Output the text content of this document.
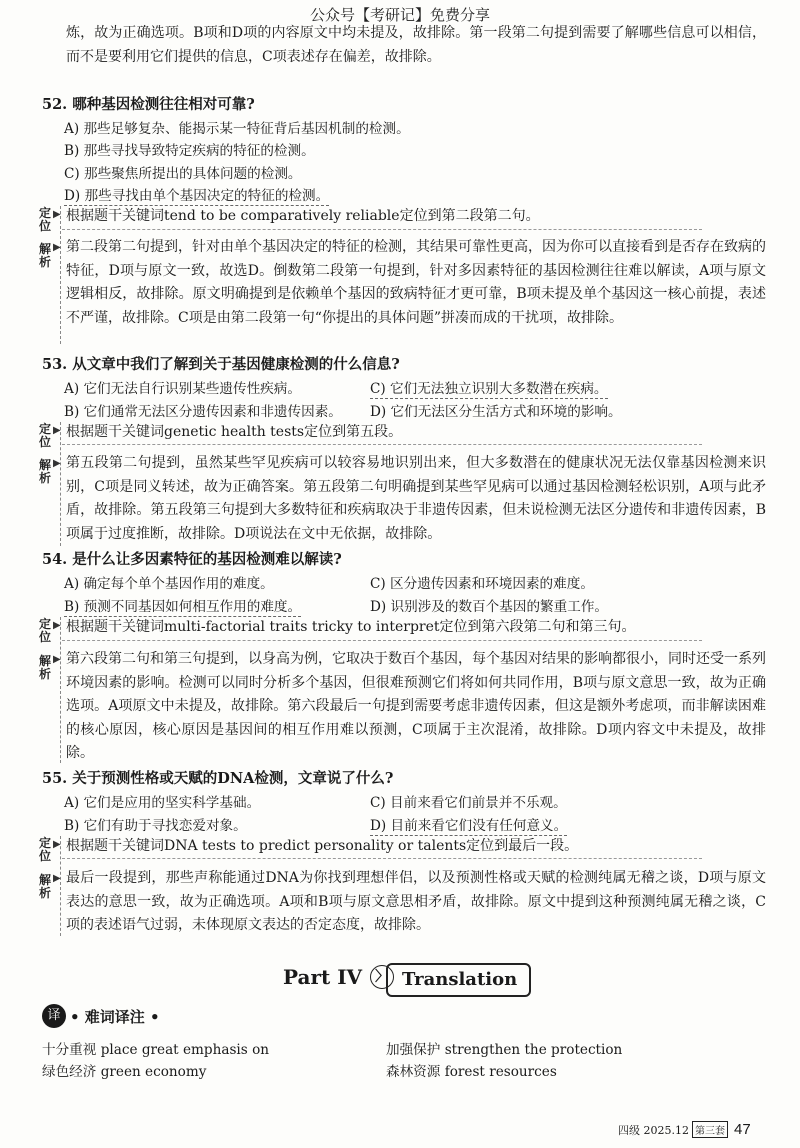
公众号【考研记】免费分享
炼，故为正确选项。B项和D项的内容原文中均未提及，故排除。第一段第二句提到需要了解哪些信息可以相信，而不是要利用它们提供的信息，C项表述存在偏差，故排除。
52. 哪种基因检测往往相对可靠?
A) 那些足够复杂、能揭示某一特征背后基因机制的检测。
B) 那些寻找导致特定疾病的特征的检测。
C) 那些聚焦所提出的具体问题的检测。
D) 那些寻找由单个基因决定的特征的检测。
定位
▶ 根据题干关键词tend to be comparatively reliable定位到第二段第二句。
解析
▶ 第二段第二句提到，针对由单个基因决定的特征的检测，其结果可靠性更高，因为你可以直接看到是否存在致病的特征，D项与原文一致，故选D。倒数第二段第一句提到，针对多因素特征的基因检测往往难以解读，A项与原文逻辑相反，故排除。原文明确提到是依赖单个基因的致病特征才更可靠，B项未提及单个基因这一核心前提，表述不严谨，故排除。C项是由第二段第一句“你提出的具体问题”拼凑而成的干扰项，故排除。
53. 从文章中我们了解到关于基因健康检测的什么信息?
A) 它们无法自行识别某些遗传性疾病。	C) 它们无法独立识别大多数潜在疾病。
B) 它们通常无法区分遗传因素和非遗传因素。 D) 它们无法区分生活方式和环境的影响。
定位
▶ 根据题干关键词genetic health tests定位到第五段。
解析
▶ 第五段第二句提到，虽然某些罕见疾病可以较容易地识别出来，但大多数潜在的健康状况无法仅靠基因检测来识别，C项是同义转述，故为正确答案。第五段第二句明确提到某些罕见病可以通过基因检测轻松识别，A项与此矛盾，故排除。第五段第三句提到大多数特征和疾病取决于非遗传因素，但未说检测无法区分遗传和非遗传因素，B项属于过度推断，故排除。D项说法在文中无依据，故排除。
54. 是什么让多因素特征的基因检测难以解读?
A) 确定每个单个基因作用的难度。	C) 区分遗传因素和环境因素的难度。
B) 预测不同基因如何相互作用的难度。	D) 识别涉及的数百个基因的繁重工作。
定位
▶ 根据题干关键词multi-factorial traits tricky to interpret定位到第六段第二句和第三句。
解析
▶ 第六段第二句和第三句提到，以身高为例，它取决于数百个基因，每个基因对结果的影响都很小，同时还受一系列环境因素的影响。检测可以同时分析多个基因，但很难预测它们将如何共同作用，B项与原文意思一致，故为正确选项。A项原文中未提及，故排除。第六段最后一句提到需要考虑非遗传因素，但这是额外考虑项，而非解读困难的核心原因，核心原因是基因间的相互作用难以预测，C项属于主次混淆，故排除。D项内容文中未提及，故排除。
55. 关于预测性格或天赋的DNA检测，文章说了什么?
A) 它们是应用的坚实科学基础。	C) 目前来看它们前景并不乐观。
B) 它们有助于寻找恋爱对象。	D) 目前来看它们没有任何意义。
定位
▶ 根据题干关键词DNA tests to predict personality or talents定位到最后一段。
解析
▶ 最后一段提到，那些声称能通过DNA为你找到理想伴侣，以及预测性格或天赋的检测纯属无稽之谈，D项与原文表达的意思一致，故为正确选项。A项和B项与原文意思相矛盾，故排除。原文中提到这种预测纯属无稽之谈，C项的表述语气过弱，未体现原文表达的否定态度，故排除。
Part IV 〉 Translation
译 • 难词译注 •
十分重视 place great emphasis on	加强保护 strengthen the protection
绿色经济 green economy	森林资源 forest resources
四级 2025.12 第三套 47
